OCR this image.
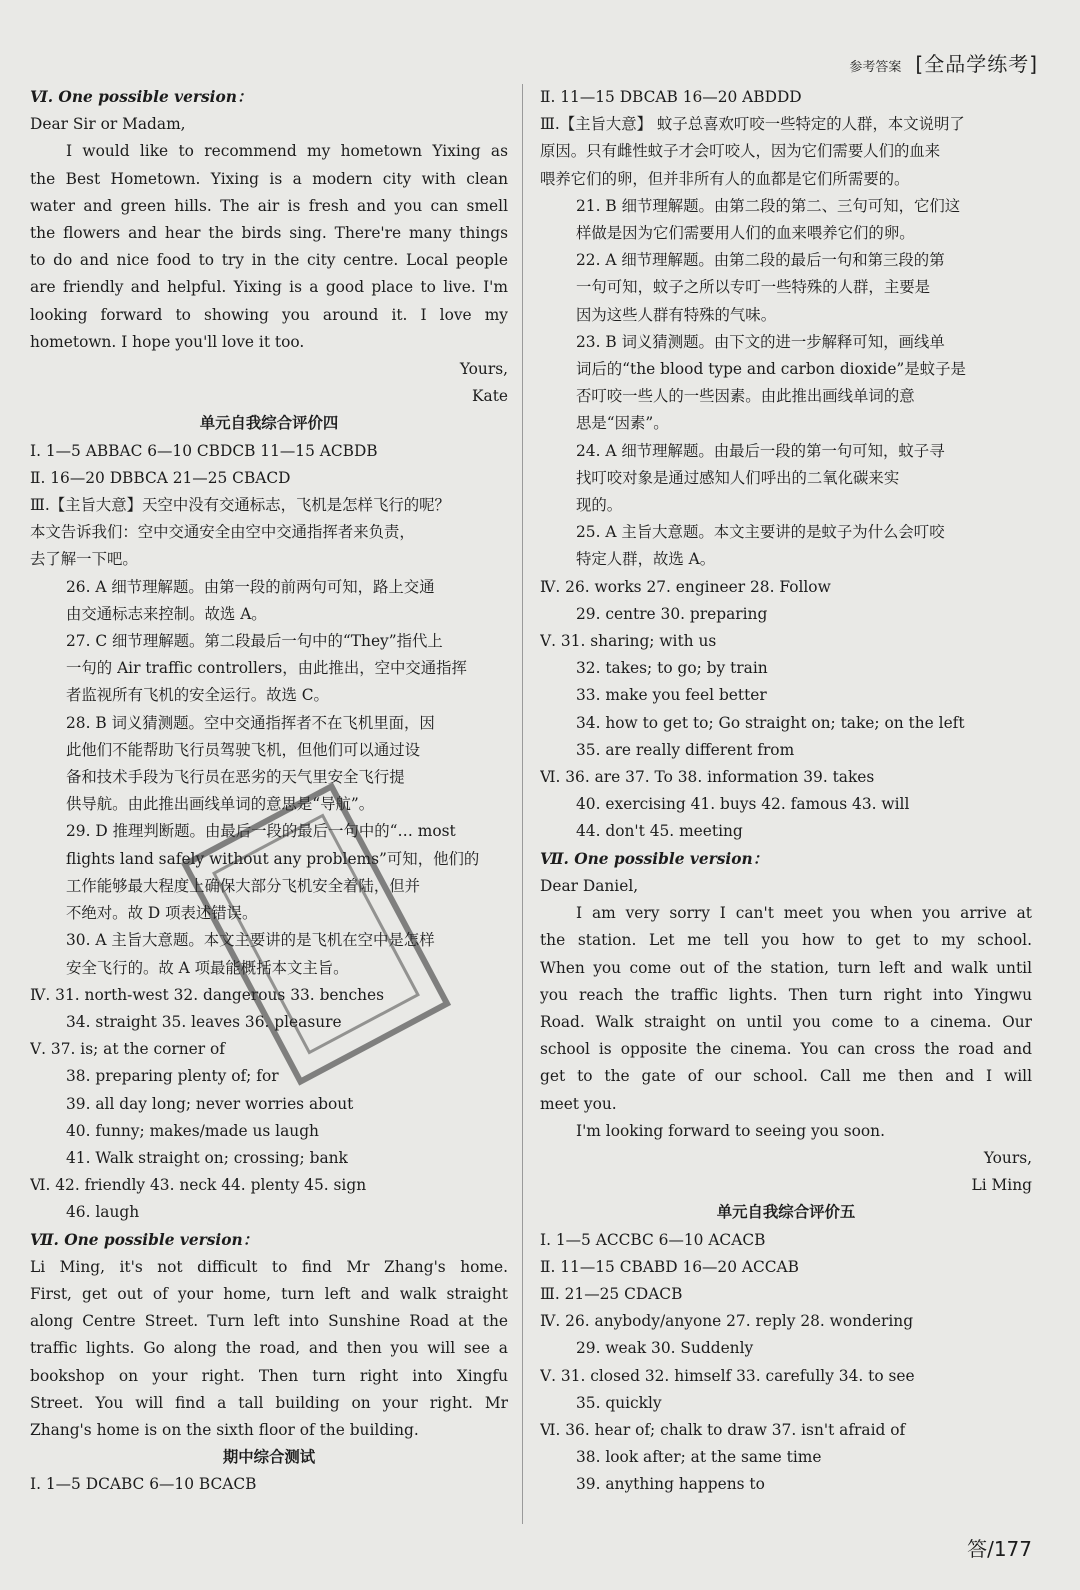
参考答案 [全品学练考]
Ⅵ. One possible version：
Dear Sir or Madam,
I would like to recommend my hometown Yixing as
the Best Hometown. Yixing is a modern city with clean
water and green hills. The air is fresh and you can smell
the flowers and hear the birds sing. There're many things
to do and nice food to try in the city centre. Local people
are friendly and helpful. Yixing is a good place to live. I'm
looking forward to showing you around it. I love my
hometown. I hope you'll love it too.
Yours,
Kate
单元自我综合评价四
Ⅰ. 1—5 ABBAC 6—10 CBDCB 11—15 ACBDB
Ⅱ. 16—20 DBBCA 21—25 CBACD
Ⅲ.【主旨大意】天空中没有交通标志，飞机是怎样飞行的呢？
本文告诉我们：空中交通安全由空中交通指挥者来负责，
去了解一下吧。
26. A 细节理解题。由第一段的前两句可知，路上交通
由交通标志来控制。故选 A。
27. C 细节理解题。第二段最后一句中的“They”指代上
一句的 Air traffic controllers，由此推出，空中交通指挥
者监视所有飞机的安全运行。故选 C。
28. B 词义猜测题。空中交通指挥者不在飞机里面，因
此他们不能帮助飞行员驾驶飞机，但他们可以通过设
备和技术手段为飞行员在恶劣的天气里安全飞行提
供导航。由此推出画线单词的意思是“导航”。
29. D 推理判断题。由最后一段的最后一句中的“… most
flights land safely without any problems”可知，他们的
工作能够最大程度上确保大部分飞机安全着陆，但并
不绝对。故 D 项表述错误。
30. A 主旨大意题。本文主要讲的是飞机在空中是怎样
安全飞行的。故 A 项最能概括本文主旨。
Ⅳ. 31. north-west 32. dangerous 33. benches
34. straight 35. leaves 36. pleasure
Ⅴ. 37. is; at the corner of
38. preparing plenty of; for
39. all day long; never worries about
40. funny; makes/made us laugh
41. Walk straight on; crossing; bank
Ⅵ. 42. friendly 43. neck 44. plenty 45. sign
46. laugh
Ⅶ. One possible version：
Li Ming, it's not difficult to find Mr Zhang's home.
First, get out of your home, turn left and walk straight
along Centre Street. Turn left into Sunshine Road at the
traffic lights. Go along the road, and then you will see a
bookshop on your right. Then turn right into Xingfu
Street. You will find a tall building on your right. Mr
Zhang's home is on the sixth floor of the building.
期中综合测试
Ⅰ. 1—5 DCABC 6—10 BCACB
Ⅱ. 11—15 DBCAB 16—20 ABDDD
Ⅲ.【主旨大意】 蚊子总喜欢叮咬一些特定的人群，本文说明了
原因。只有雌性蚊子才会叮咬人，因为它们需要人们的血来
喂养它们的卵，但并非所有人的血都是它们所需要的。
21. B 细节理解题。由第二段的第二、三句可知，它们这
样做是因为它们需要用人们的血来喂养它们的卵。
22. A 细节理解题。由第二段的最后一句和第三段的第
一句可知，蚊子之所以专叮一些特殊的人群，主要是
因为这些人群有特殊的气味。
23. B 词义猜测题。由下文的进一步解释可知，画线单
词后的“the blood type and carbon dioxide”是蚊子是
否叮咬一些人的一些因素。由此推出画线单词的意
思是“因素”。
24. A 细节理解题。由最后一段的第一句可知，蚊子寻
找叮咬对象是通过感知人们呼出的二氧化碳来实
现的。
25. A 主旨大意题。本文主要讲的是蚊子为什么会叮咬
特定人群，故选 A。
Ⅳ. 26. works 27. engineer 28. Follow
29. centre 30. preparing
Ⅴ. 31. sharing; with us
32. takes; to go; by train
33. make you feel better
34. how to get to; Go straight on; take; on the left
35. are really different from
Ⅵ. 36. are 37. To 38. information 39. takes
40. exercising 41. buys 42. famous 43. will
44. don't 45. meeting
Ⅶ. One possible version：
Dear Daniel,
I am very sorry I can't meet you when you arrive at
the station. Let me tell you how to get to my school.
When you come out of the station, turn left and walk until
you reach the traffic lights. Then turn right into Yingwu
Road. Walk straight on until you come to a cinema. Our
school is opposite the cinema. You can cross the road and
get to the gate of our school. Call me then and I will
meet you.
I'm looking forward to seeing you soon.
Yours,
Li Ming
单元自我综合评价五
Ⅰ. 1—5 ACCBC 6—10 ACACB
Ⅱ. 11—15 CBABD 16—20 ACCAB
Ⅲ. 21—25 CDACB
Ⅳ. 26. anybody/anyone 27. reply 28. wondering
29. weak 30. Suddenly
Ⅴ. 31. closed 32. himself 33. carefully 34. to see
35. quickly
Ⅵ. 36. hear of; chalk to draw 37. isn't afraid of
38. look after; at the same time
39. anything happens to
答/177
